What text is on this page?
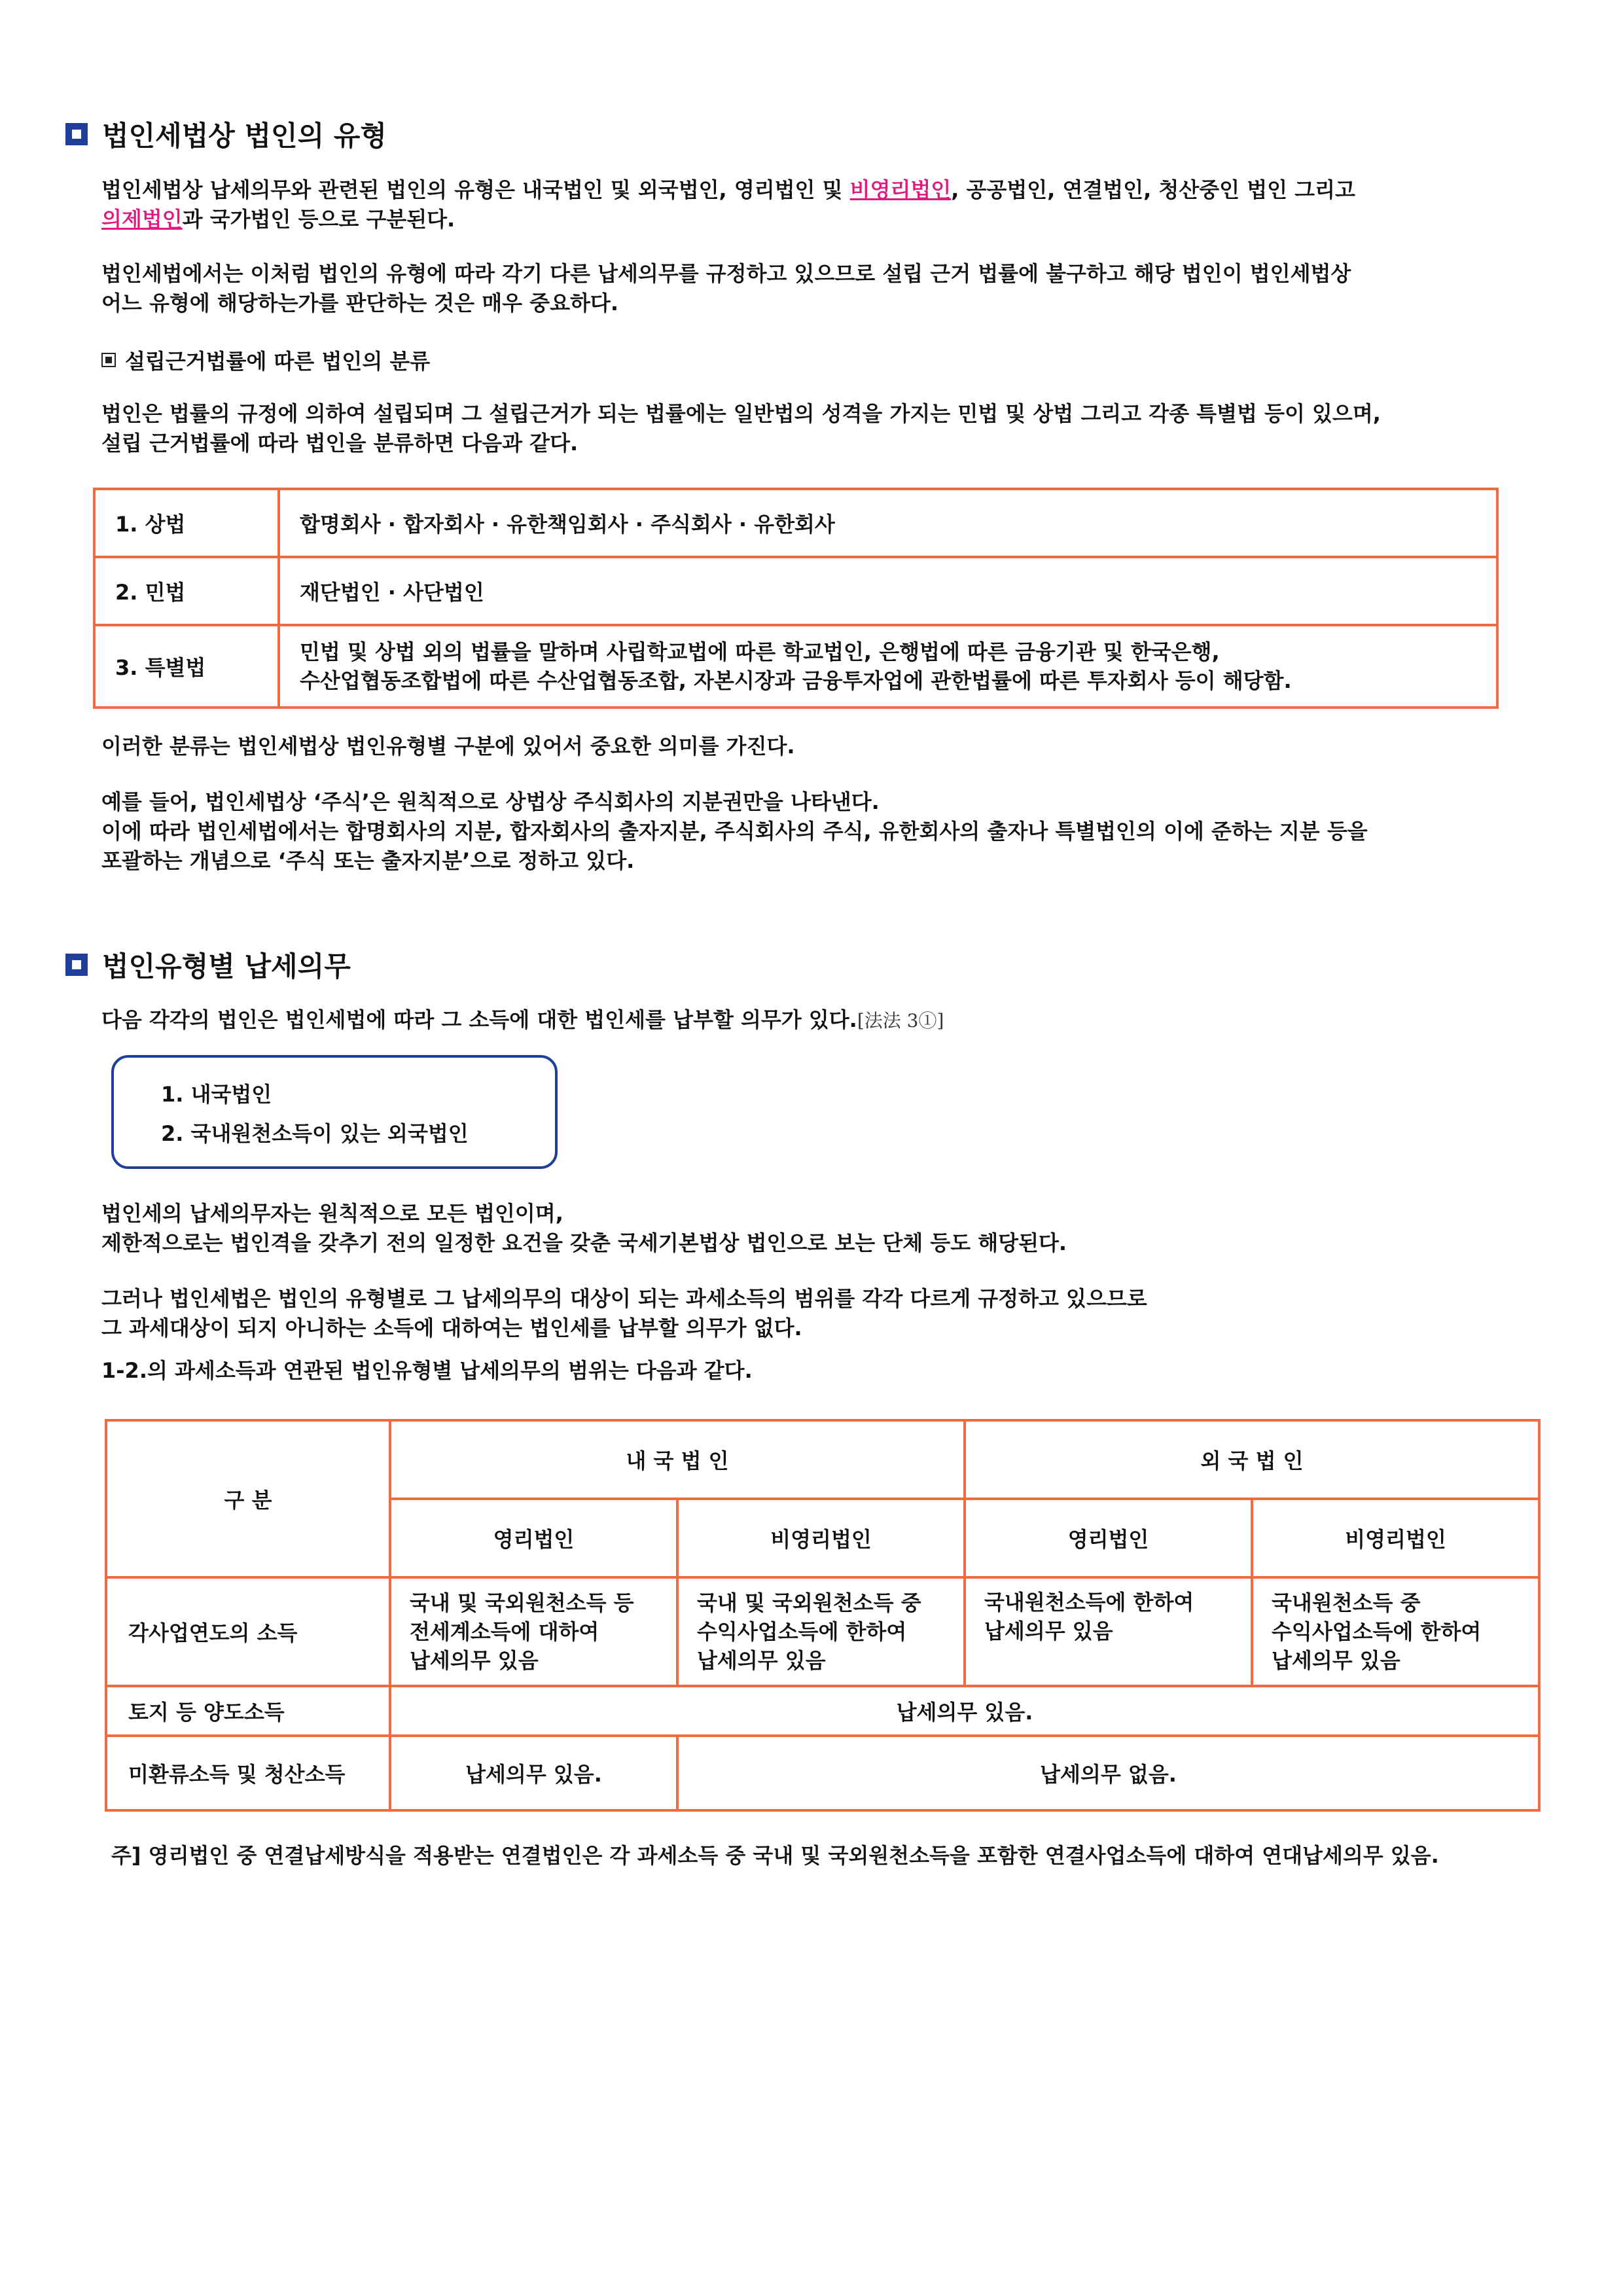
법인세법상 법인의 유형
법인세법상 납세의무와 관련된 법인의 유형은 내국법인 및 외국법인, 영리법인 및 비영리법인, 공공법인, 연결법인, 청산중인 법인 그리고
의제법인과 국가법인 등으로 구분된다.
법인세법에서는 이처럼 법인의 유형에 따라 각기 다른 납세의무를 규정하고 있으므로 설립 근거 법률에 불구하고 해당 법인이 법인세법상
어느 유형에 해당하는가를 판단하는 것은 매우 중요하다.
설립근거법률에 따른 법인의 분류
법인은 법률의 규정에 의하여 설립되며 그 설립근거가 되는 법률에는 일반법의 성격을 가지는 민법 및 상법 그리고 각종 특별법 등이 있으며,
설립 근거법률에 따라 법인을 분류하면 다음과 같다.
1. 상법	합명회사 · 합자회사 · 유한책임회사 · 주식회사 · 유한회사
2. 민법	재단법인 · 사단법인
3. 특별법	민법 및 상법 외의 법률을 말하며 사립학교법에 따른 학교법인, 은행법에 따른 금융기관 및 한국은행,
수산업협동조합법에 따른 수산업협동조합, 자본시장과 금융투자업에 관한법률에 따른 투자회사 등이 해당함.
이러한 분류는 법인세법상 법인유형별 구분에 있어서 중요한 의미를 가진다.
예를 들어, 법인세법상 ‘주식’은 원칙적으로 상법상 주식회사의 지분권만을 나타낸다.
이에 따라 법인세법에서는 합명회사의 지분, 합자회사의 출자지분, 주식회사의 주식, 유한회사의 출자나 특별법인의 이에 준하는 지분 등을
포괄하는 개념으로 ‘주식 또는 출자지분’으로 정하고 있다.
법인유형별 납세의무
다음 각각의 법인은 법인세법에 따라 그 소득에 대한 법인세를 납부할 의무가 있다.[法法 3①]
1. 내국법인
2. 국내원천소득이 있는 외국법인
법인세의 납세의무자는 원칙적으로 모든 법인이며,
제한적으로는 법인격을 갖추기 전의 일정한 요건을 갖춘 국세기본법상 법인으로 보는 단체 등도 해당된다.
그러나 법인세법은 법인의 유형별로 그 납세의무의 대상이 되는 과세소득의 범위를 각각 다르게 규정하고 있으므로
그 과세대상이 되지 아니하는 소득에 대하여는 법인세를 납부할 의무가 없다.
1-2.의 과세소득과 연관된 법인유형별 납세의무의 범위는 다음과 같다.
구 분	내 국 법 인		외 국 법 인	
	영리법인	비영리법인	영리법인	비영리법인
각사업연도의 소득	국내 및 국외원천소득 등
전세계소득에 대하여
납세의무 있음	국내 및 국외원천소득 중
수익사업소득에 한하여
납세의무 있음	국내원천소득에 한하여
납세의무 있음	국내원천소득 중
수익사업소득에 한하여
납세의무 있음

토지 등 양도소득	납세의무 있음.			
미환류소득 및 청산소득	납세의무 있음.	납세의무 없음.		
주] 영리법인 중 연결납세방식을 적용받는 연결법인은 각 과세소득 중 국내 및 국외원천소득을 포함한 연결사업소득에 대하여 연대납세의무 있음.
